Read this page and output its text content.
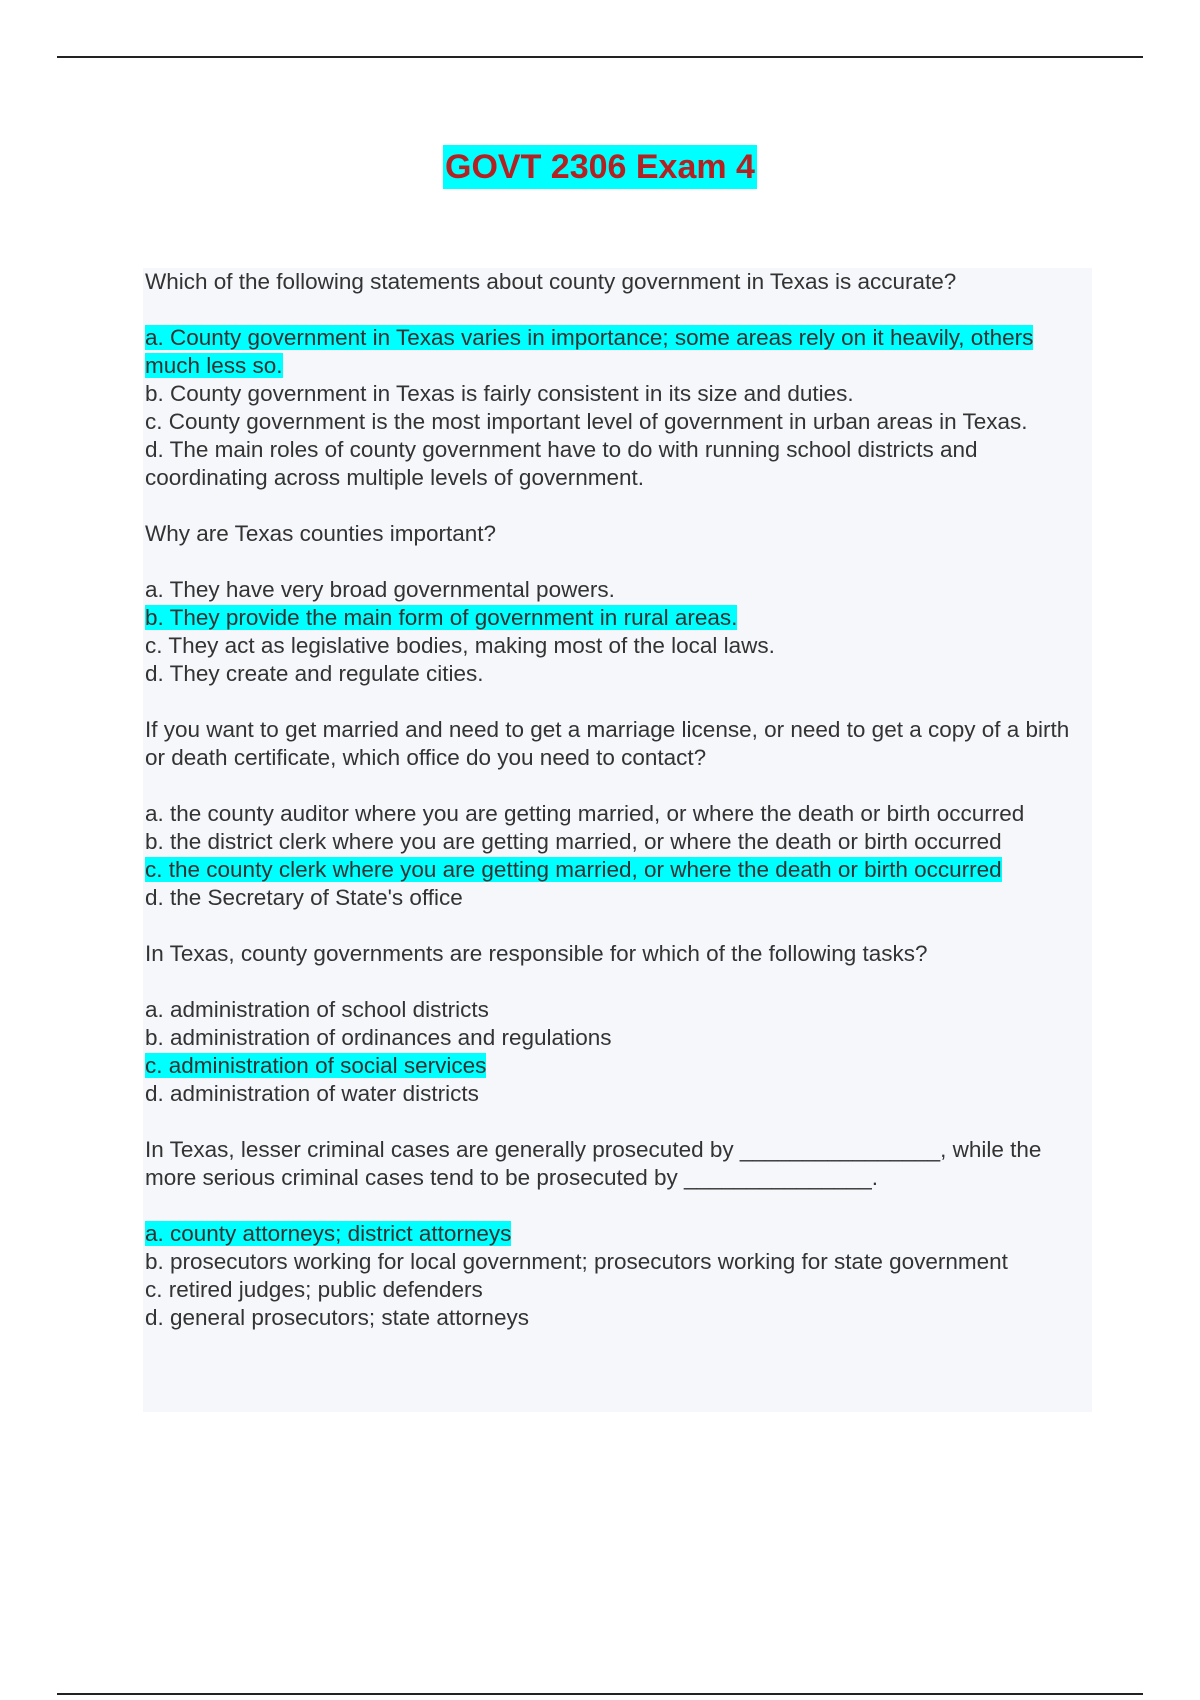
GOVT 2306 Exam 4

Which of the following statements about county government in Texas is accurate?

a. County government in Texas varies in importance; some areas rely on it heavily, others much less so.
b. County government in Texas is fairly consistent in its size and duties.
c. County government is the most important level of government in urban areas in Texas.
d. The main roles of county government have to do with running school districts and coordinating across multiple levels of government.

Why are Texas counties important?

a. They have very broad governmental powers.
b. They provide the main form of government in rural areas.
c. They act as legislative bodies, making most of the local laws.
d. They create and regulate cities.

If you want to get married and need to get a marriage license, or need to get a copy of a birth or death certificate, which office do you need to contact?

a. the county auditor where you are getting married, or where the death or birth occurred
b. the district clerk where you are getting married, or where the death or birth occurred
c. the county clerk where you are getting married, or where the death or birth occurred
d. the Secretary of State's office

In Texas, county governments are responsible for which of the following tasks?

a. administration of school districts
b. administration of ordinances and regulations
c. administration of social services
d. administration of water districts

In Texas, lesser criminal cases are generally prosecuted by ________________, while the more serious criminal cases tend to be prosecuted by _______________.

a. county attorneys; district attorneys
b. prosecutors working for local government; prosecutors working for state government
c. retired judges; public defenders
d. general prosecutors; state attorneys
